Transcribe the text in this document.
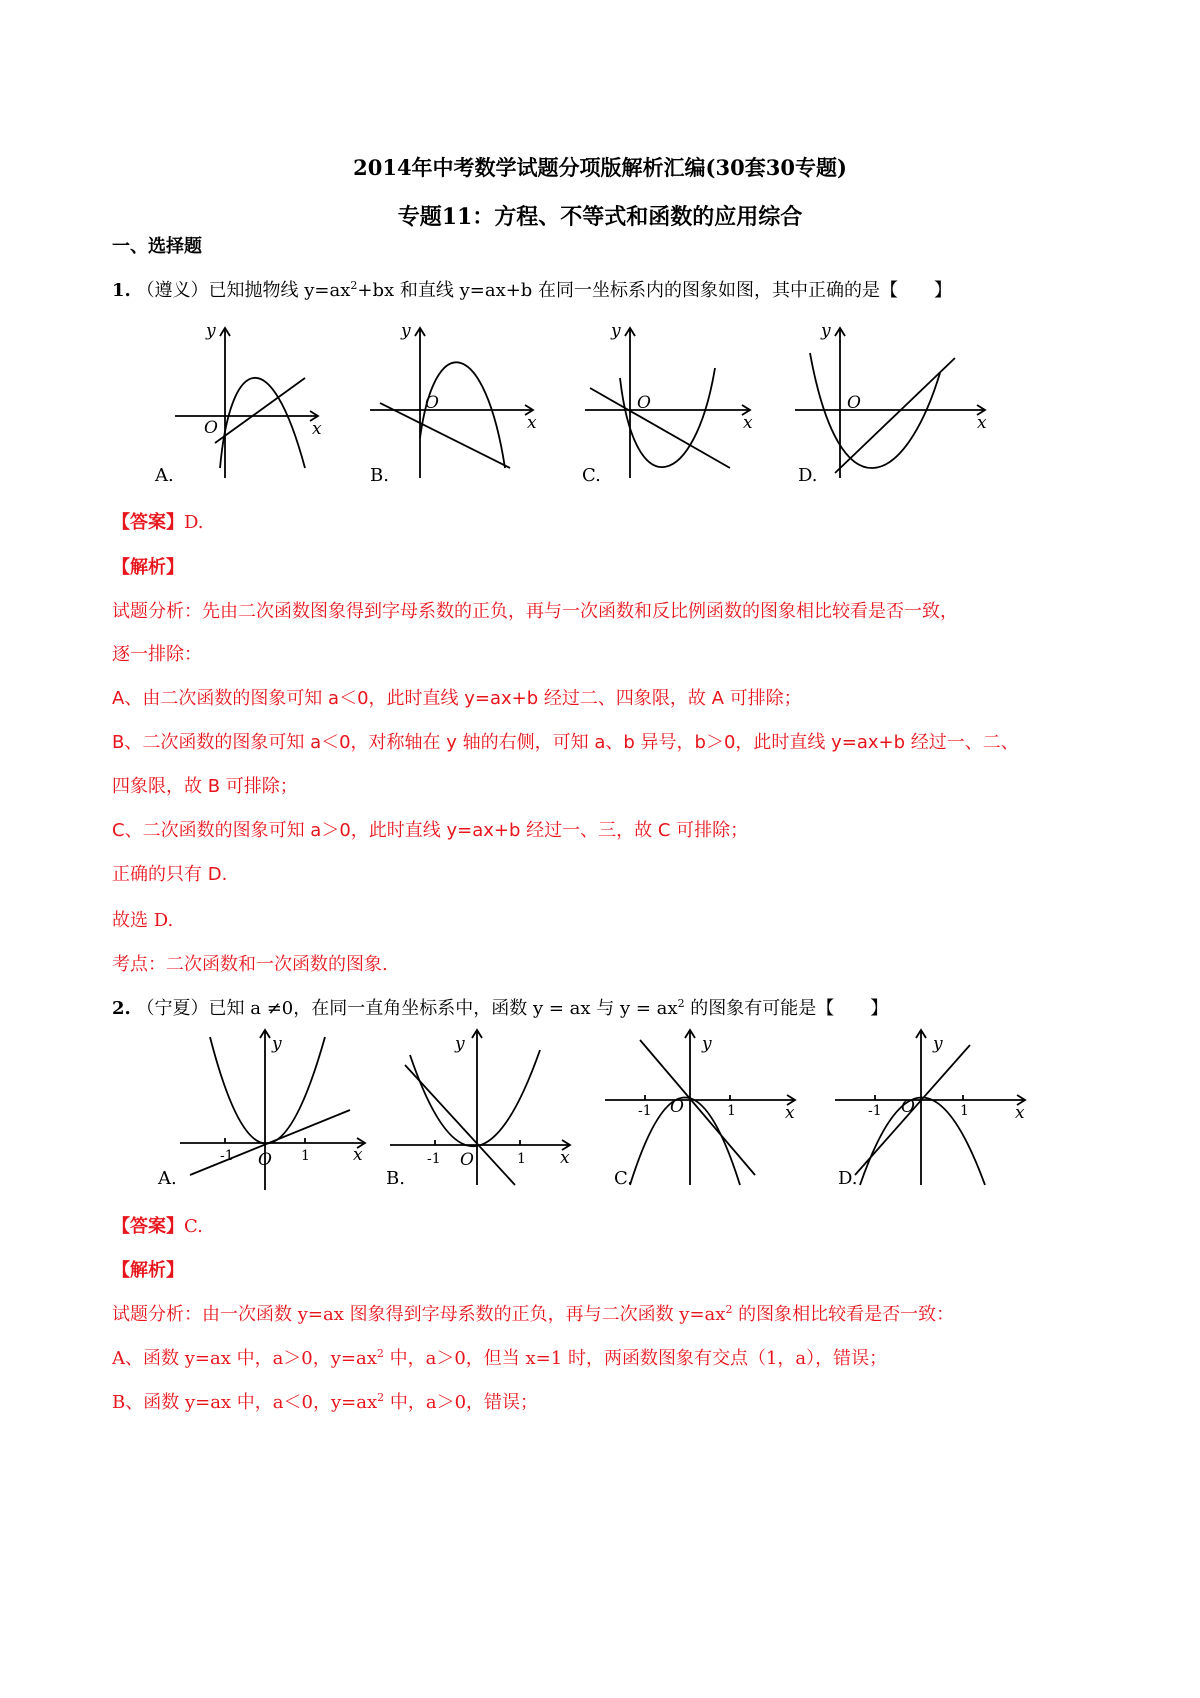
2014年中考数学试题分项版解析汇编(30套30专题)
专题11：方程、不等式和函数的应用综合
一、选择题
1. （遵义）已知抛物线 $y=ax^2+bx$ 和直线 y=ax+b 在同一坐标系内的图象如图，其中正确的是【　　】
y
x
O
A.
y
x
O
B.
y
x
O
C.
y
x
O
D.
【答案】D.
【解析】
试题分析：先由二次函数图象得到字母系数的正负，再与一次函数和反比例函数的图象相比较看是否一致，
逐一排除：
A、由二次函数的图象可知 a＜0，此时直线 y=ax+b 经过二、四象限，故 A 可排除；
B、二次函数的图象可知 a＜0，对称轴在 y 轴的右侧，可知 a、b 异号，b＞0，此时直线 y=ax+b 经过一、二、
四象限，故 B 可排除；
C、二次函数的图象可知 a＞0，此时直线 y=ax+b 经过一、三，故 C 可排除；
正确的只有 D.
故选 D.
考点：二次函数和一次函数的图象.
2. （宁夏）已知 a ≠0，在同一直角坐标系中，函数 y = ax 与 $y = ax^2$ 的图象有可能是【　　】
y
x
O
-1	1
A.
y
x
O
-1	1
B.
y
x
O
-1	1
C.
y
x
O
-1	1
D.
【答案】C.
【解析】
试题分析：由一次函数 y=ax 图象得到字母系数的正负，再与二次函数 $y=ax^2$ 的图象相比较看是否一致：
A、函数 y=ax 中，a＞0，$y=ax^2$ 中，a＞0，但当 x=1 时，两函数图象有交点（1，a），错误；
B、函数 y=ax 中，a＜0，$y=ax^2$ 中，a＞0，错误；
